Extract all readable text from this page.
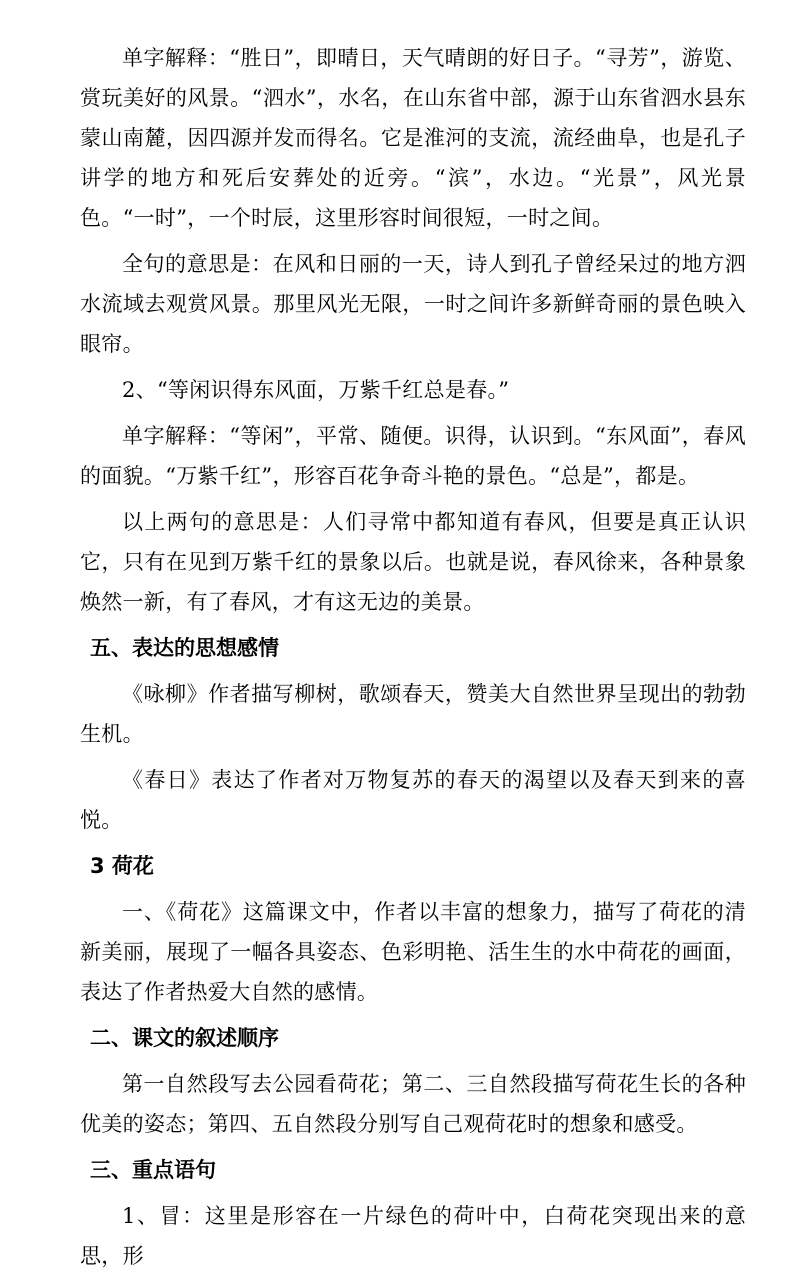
单字解释：“胜日”，即晴日，天气晴朗的好日子。“寻芳”，游览、赏玩美好的风景。“泗水”，水名，在山东省中部，源于山东省泗水县东蒙山南麓，因四源并发而得名。它是淮河的支流，流经曲阜，也是孔子讲学的地方和死后安葬处的近旁。“滨”，水边。“光景”，风光景色。“一时”，一个时辰，这里形容时间很短，一时之间。

全句的意思是：在风和日丽的一天，诗人到孔子曾经呆过的地方泗水流域去观赏风景。那里风光无限，一时之间许多新鲜奇丽的景色映入眼帘。

2、“等闲识得东风面，万紫千红总是春。”

单字解释：“等闲”，平常、随便。识得，认识到。“东风面”，春风的面貌。“万紫千红”，形容百花争奇斗艳的景色。“总是”，都是。

以上两句的意思是：人们寻常中都知道有春风，但要是真正认识它，只有在见到万紫千红的景象以后。也就是说，春风徐来，各种景象焕然一新，有了春风，才有这无边的美景。

五、表达的思想感情

《咏柳》作者描写柳树，歌颂春天，赞美大自然世界呈现出的勃勃生机。

《春日》表达了作者对万物复苏的春天的渴望以及春天到来的喜悦。

3 荷花

一、《荷花》这篇课文中，作者以丰富的想象力，描写了荷花的清新美丽，展现了一幅各具姿态、色彩明艳、活生生的水中荷花的画面，表达了作者热爱大自然的感情。

二、课文的叙述顺序

第一自然段写去公园看荷花；第二、三自然段描写荷花生长的各种优美的姿态；第四、五自然段分别写自己观荷花时的想象和感受。

三、重点语句

1、冒：这里是形容在一片绿色的荷叶中，白荷花突现出来的意思，形
